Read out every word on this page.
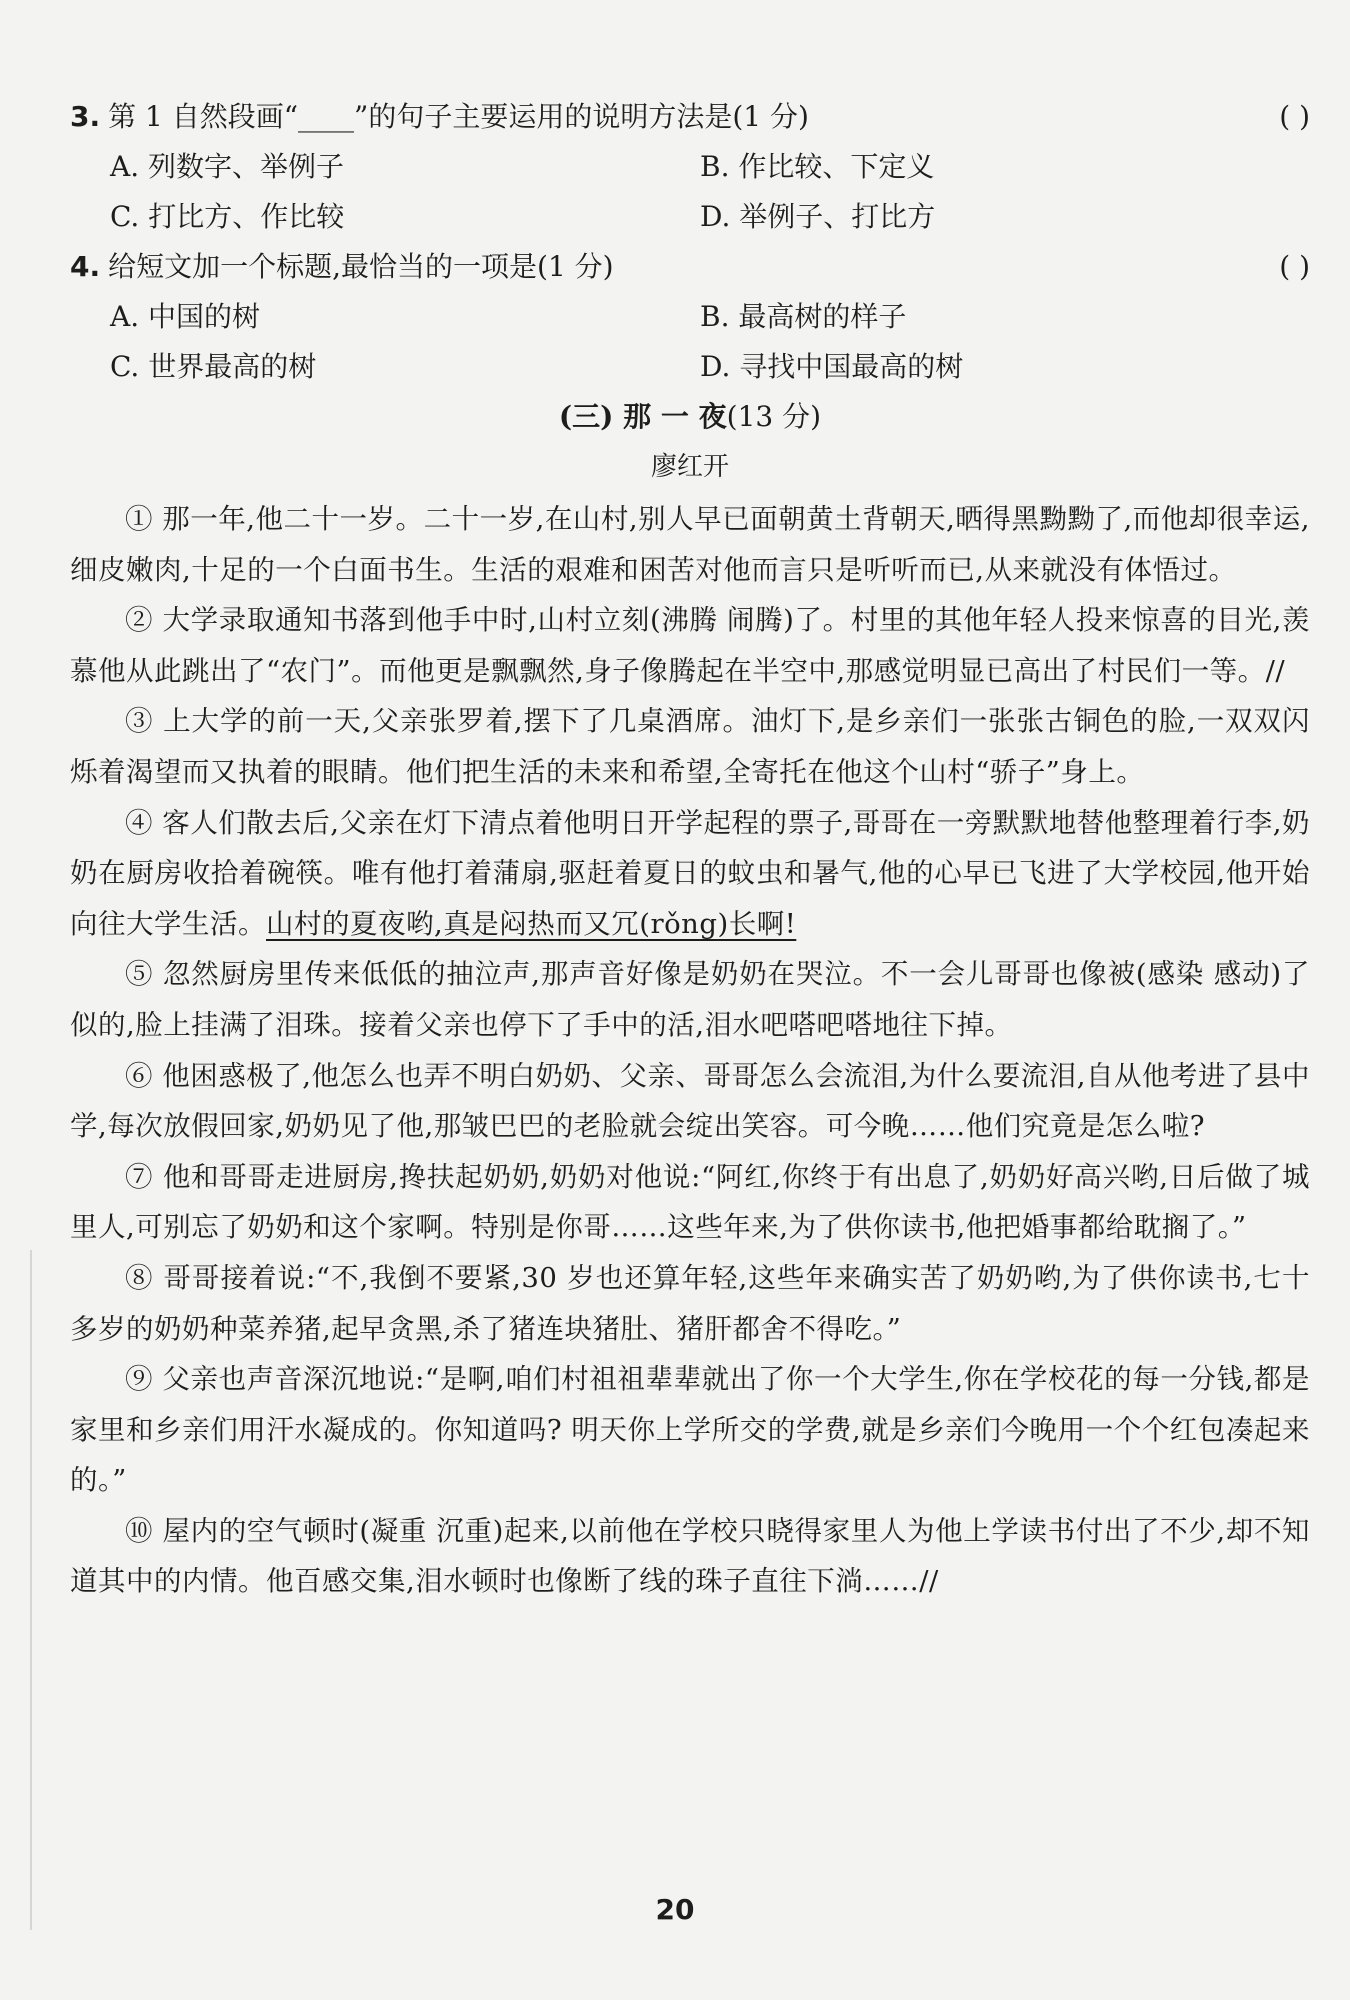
3. 第 1 自然段画“____”的句子主要运用的说明方法是(1 分)	( )
A. 列数字、举例子	B. 作比较、下定义
C. 打比方、作比较	D. 举例子、打比方
4. 给短文加一个标题,最恰当的一项是(1 分)	( )
A. 中国的树	B. 最高树的样子
C. 世界最高的树	D. 寻找中国最高的树
(三) 那 一 夜(13 分)
廖红开

① 那一年,他二十一岁。二十一岁,在山村,别人早已面朝黄土背朝天,晒得黑黝黝了,而他却很幸运,细皮嫩肉,十足的一个白面书生。生活的艰难和困苦对他而言只是听听而已,从来就没有体悟过。

② 大学录取通知书落到他手中时,山村立刻(沸腾 闹腾)了。村里的其他年轻人投来惊喜的目光,羡慕他从此跳出了“农门”。而他更是飘飘然,身子像腾起在半空中,那感觉明显已高出了村民们一等。//

③ 上大学的前一天,父亲张罗着,摆下了几桌酒席。油灯下,是乡亲们一张张古铜色的脸,一双双闪烁着渴望而又执着的眼睛。他们把生活的未来和希望,全寄托在他这个山村“骄子”身上。

④ 客人们散去后,父亲在灯下清点着他明日开学起程的票子,哥哥在一旁默默地替他整理着行李,奶奶在厨房收拾着碗筷。唯有他打着蒲扇,驱赶着夏日的蚊虫和暑气,他的心早已飞进了大学校园,他开始向往大学生活。山村的夏夜哟,真是闷热而又冗(rǒng)长啊!

⑤ 忽然厨房里传来低低的抽泣声,那声音好像是奶奶在哭泣。不一会儿哥哥也像被(感染 感动)了似的,脸上挂满了泪珠。接着父亲也停下了手中的活,泪水吧嗒吧嗒地往下掉。

⑥ 他困惑极了,他怎么也弄不明白奶奶、父亲、哥哥怎么会流泪,为什么要流泪,自从他考进了县中学,每次放假回家,奶奶见了他,那皱巴巴的老脸就会绽出笑容。可今晚……他们究竟是怎么啦?

⑦ 他和哥哥走进厨房,搀扶起奶奶,奶奶对他说:“阿红,你终于有出息了,奶奶好高兴哟,日后做了城里人,可别忘了奶奶和这个家啊。特别是你哥……这些年来,为了供你读书,他把婚事都给耽搁了。”

⑧ 哥哥接着说:“不,我倒不要紧,30 岁也还算年轻,这些年来确实苦了奶奶哟,为了供你读书,七十多岁的奶奶种菜养猪,起早贪黑,杀了猪连块猪肚、猪肝都舍不得吃。”

⑨ 父亲也声音深沉地说:“是啊,咱们村祖祖辈辈就出了你一个大学生,你在学校花的每一分钱,都是家里和乡亲们用汗水凝成的。你知道吗? 明天你上学所交的学费,就是乡亲们今晚用一个个红包凑起来的。”

⑩ 屋内的空气顿时(凝重 沉重)起来,以前他在学校只晓得家里人为他上学读书付出了不少,却不知道其中的内情。他百感交集,泪水顿时也像断了线的珠子直往下淌……//

20
